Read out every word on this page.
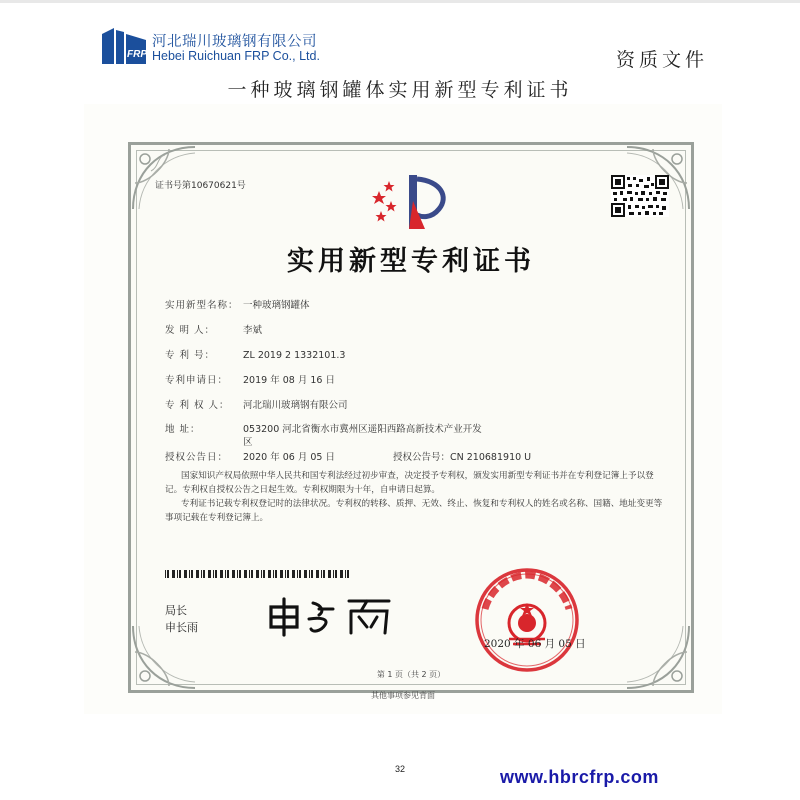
FRP
河北瑞川玻璃钢有限公司
Hebei Ruichuan FRP Co., Ltd.	资质文件
一种玻璃钢罐体实用新型专利证书
证书号第10670621号
实用新型专利证书
实用新型名称： 一种玻璃钢罐体
发 明 人：	李斌
专 利 号：	ZL 2019 2 1332101.3
专利申请日： 2019 年 08 月 16 日
专 利 权 人： 河北瑞川玻璃钢有限公司
地 址：	053200 河北省衡水市冀州区遥阳西路高新技术产业开发
区
授权公告日： 2020 年 06 月 05 日	授权公告号：CN 210681910 U

国家知识产权局依照中华人民共和国专利法经过初步审查，决定授予专利权，颁发实用新型专利证书并在专利登记簿上予以登记。专利权自授权公告之日起生效。专利权期限为十年，自申请日起算。

专利证书记载专利权登记时的法律状况。专利权的转移、质押、无效、终止、恢复和专利权人的姓名或名称、国籍、地址变更等事项记载在专利登记簿上。

局长
申长雨
2020 年 06 月 05 日
第 1 页（共 2 页）
其他事项参见背面
32	www.hbrcfrp.com
